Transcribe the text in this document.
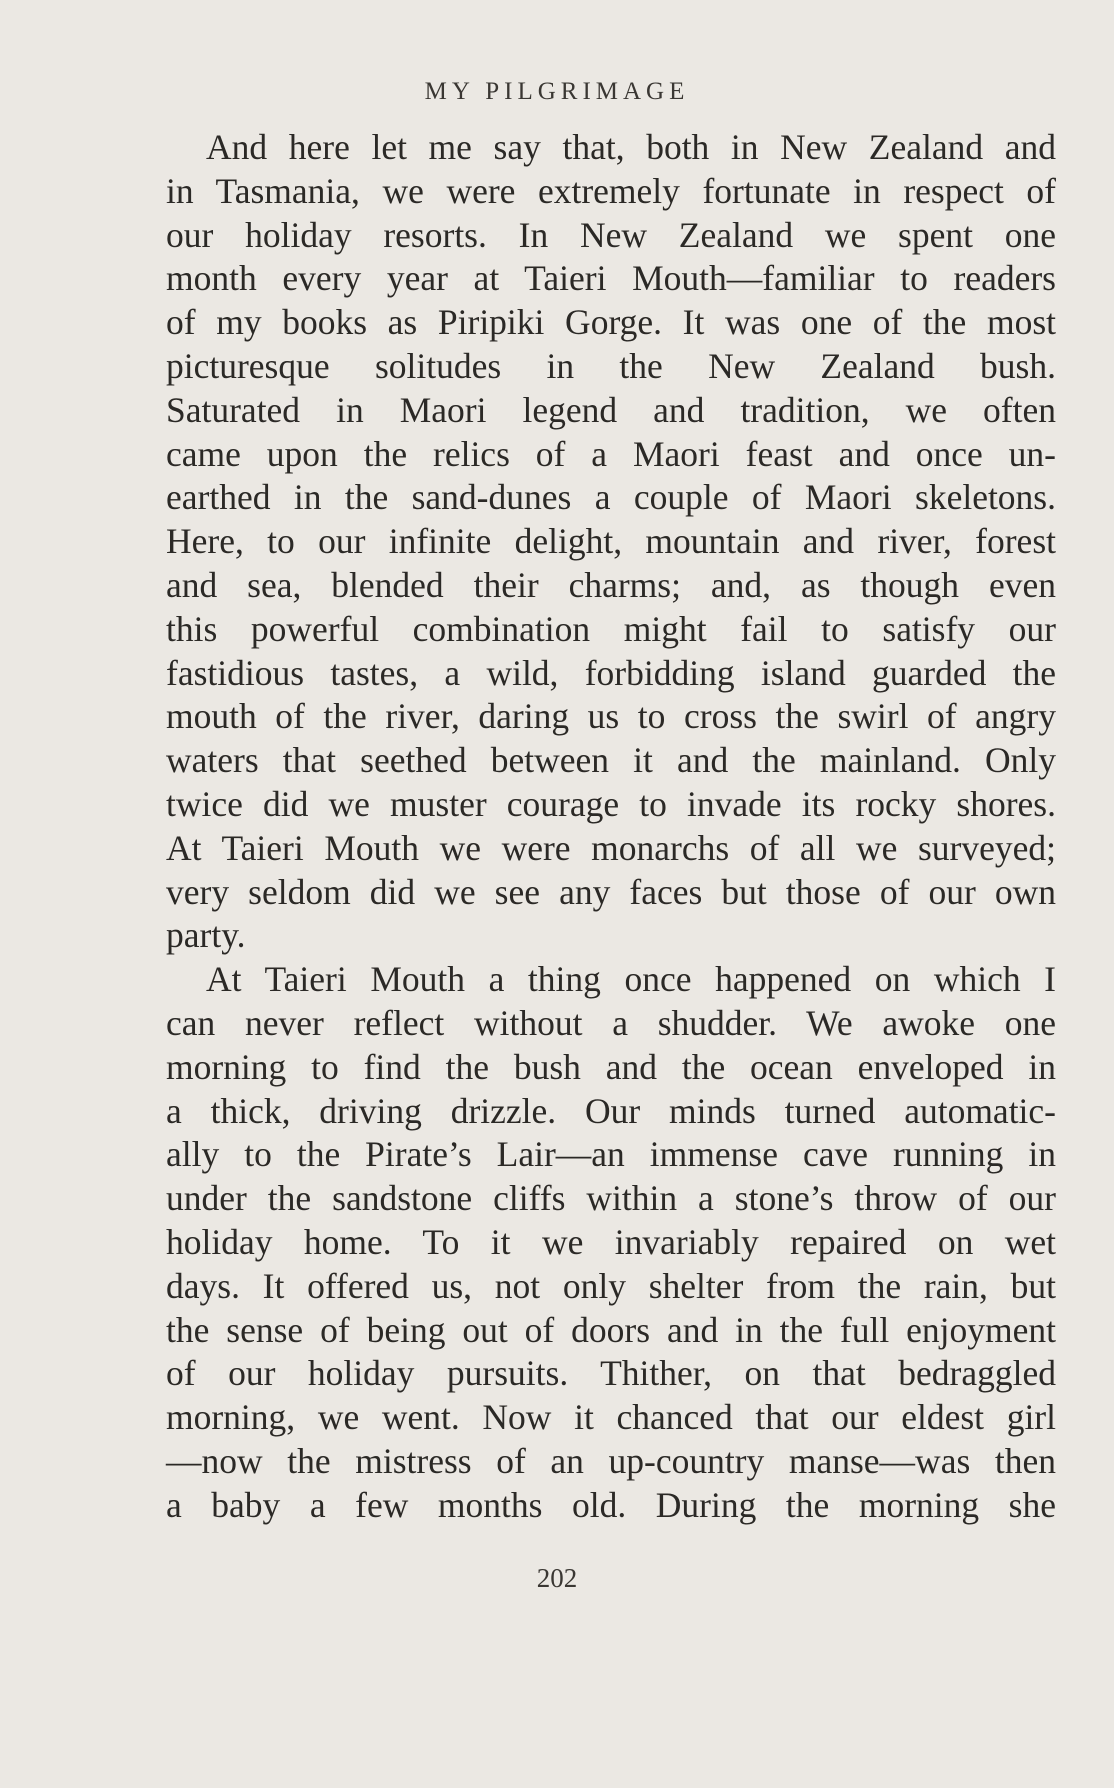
MY PILGRIMAGE
And here let me say that, both in New Zealand and
in Tasmania, we were extremely fortunate in respect of
our holiday resorts. In New Zealand we spent one
month every year at Taieri Mouth—familiar to readers
of my books as Piripiki Gorge. It was one of the most
picturesque solitudes in the New Zealand bush.
Saturated in Maori legend and tradition, we often
came upon the relics of a Maori feast and once un-
earthed in the sand-dunes a couple of Maori skeletons.
Here, to our infinite delight, mountain and river, forest
and sea, blended their charms; and, as though even
this powerful combination might fail to satisfy our
fastidious tastes, a wild, forbidding island guarded the
mouth of the river, daring us to cross the swirl of angry
waters that seethed between it and the mainland. Only
twice did we muster courage to invade its rocky shores.
At Taieri Mouth we were monarchs of all we surveyed;
very seldom did we see any faces but those of our own
party.
At Taieri Mouth a thing once happened on which I
can never reflect without a shudder. We awoke one
morning to find the bush and the ocean enveloped in
a thick, driving drizzle. Our minds turned automatic-
ally to the Pirate’s Lair—an immense cave running in
under the sandstone cliffs within a stone’s throw of our
holiday home. To it we invariably repaired on wet
days. It offered us, not only shelter from the rain, but
the sense of being out of doors and in the full enjoyment
of our holiday pursuits. Thither, on that bedraggled
morning, we went. Now it chanced that our eldest girl
—now the mistress of an up-country manse—was then
a baby a few months old. During the morning she
202
